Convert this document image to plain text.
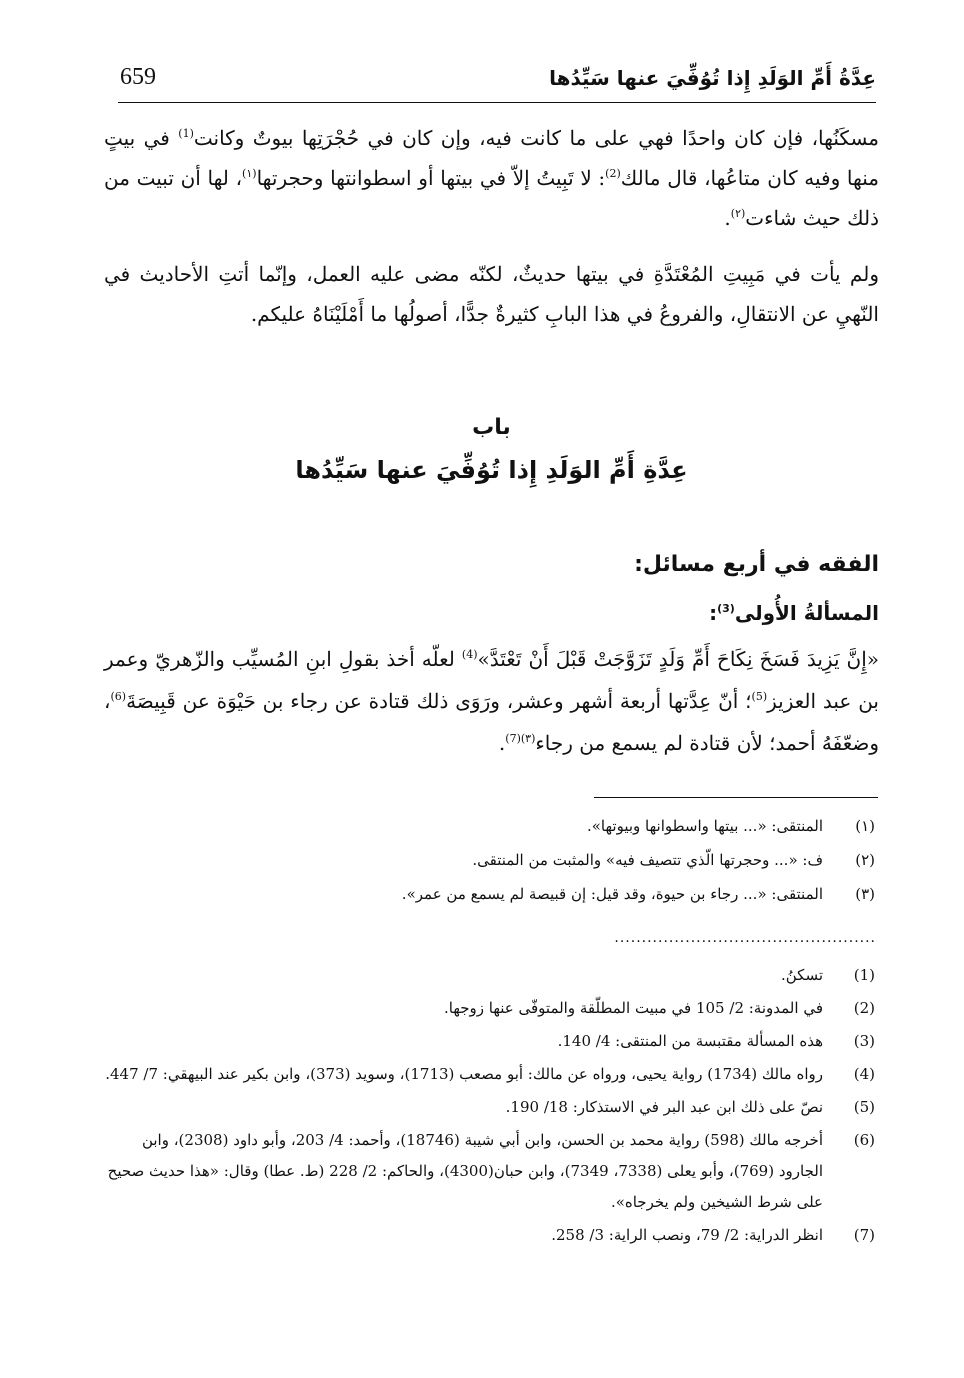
659	عِدَّةُ أَمِّ الوَلَدِ إِذا تُوُفِّيَ عنها سَيِّدُها

مسكَنُها، فإن كان واحدًا فهي على ما كانت فيه، وإن كان في حُجْرَتِها بيوتٌ وكانت$^{(1)}$ في بيتٍ منها وفيه كان متاعُها، قال مالك$^{(2)}$: لا تَبِيتُ إلاّ في بيتها أو اسطوانتها وحجرتها$^{(١)}$، لها أن تبيت من ذلك حيث شاءت$^{(٢)}$.

ولم يأت في مَبِيتِ المُعْتَدَّةِ في بيتها حديثٌ، لكنّه مضى عليه العمل، وإنّما أتتِ الأحاديث في النّهيِ عن الانتقالِ، والفروعُ في هذا البابِ كثيرةٌ جدًّا، أصولُها ما أَمْلَيْنَاهُ عليكم.

باب
عِدَّةِ أَمِّ الوَلَدِ إِذا تُوُفِّيَ عنها سَيِّدُها
الفقه في أربع مسائل:
المسألةُ الأُولى$^{(3)}$:

«إِنَّ يَزِيدَ فَسَخَ نِكَاحَ أَمِّ وَلَدٍ تَزَوَّجَتْ قَبْلَ أَنْ تَعْتَدَّ»$^{(4)}$ لعلّه أخذ بقولِ ابنِ المُسيِّب والزّهريّ وعمر بن عبد العزيز$^{(5)}$؛ أنّ عِدَّتها أربعة أشهر وعشر، ورَوَى ذلك قتادة عن رجاء بن حَيْوَة عن قَبِيصَةَ$^{(6)}$، وضعّفَهُ أحمد؛ لأن قتادة لم يسمع من رجاء$^{(٣)(7)}$.

(١)
المنتقى: «... بيتها واسطوانها وبيوتها».
(٢)
ف: «... وحجرتها الّذي تتصيف فيه» والمثبت من المنتقى.
(٣)
المنتقى: «... رجاء بن حيوة، وقد قيل: إن قبيصة لم يسمع من عمر».
................................................
(1)
تسكنُ.
(2)
في المدونة: 2/ 105 في مبيت المطلّقة والمتوفّى عنها زوجها.
(3)
هذه المسألة مقتبسة من المنتقى: 4/ 140.
(4)
رواه مالك (1734) رواية يحيى، ورواه عن مالك: أبو مصعب (1713)، وسويد (373)، وابن بكير عند البيهقي: 7/ 447.
(5)
نصّ على ذلك ابن عبد البر في الاستذكار: 18/ 190.
(6)
أخرجه مالك (598) رواية محمد بن الحسن، وابن أبي شيبة (18746)، وأحمد: 4/ 203، وأبو داود (2308)، وابن الجارود (769)، وأبو يعلى (7338، 7349)، وابن حبان(4300)، والحاكم: 2/ 228 (ط. عطا) وقال: «هذا حديث صحيح على شرط الشيخين ولم يخرجاه».
(7)
انظر الدراية: 2/ 79، ونصب الراية: 3/ 258.
